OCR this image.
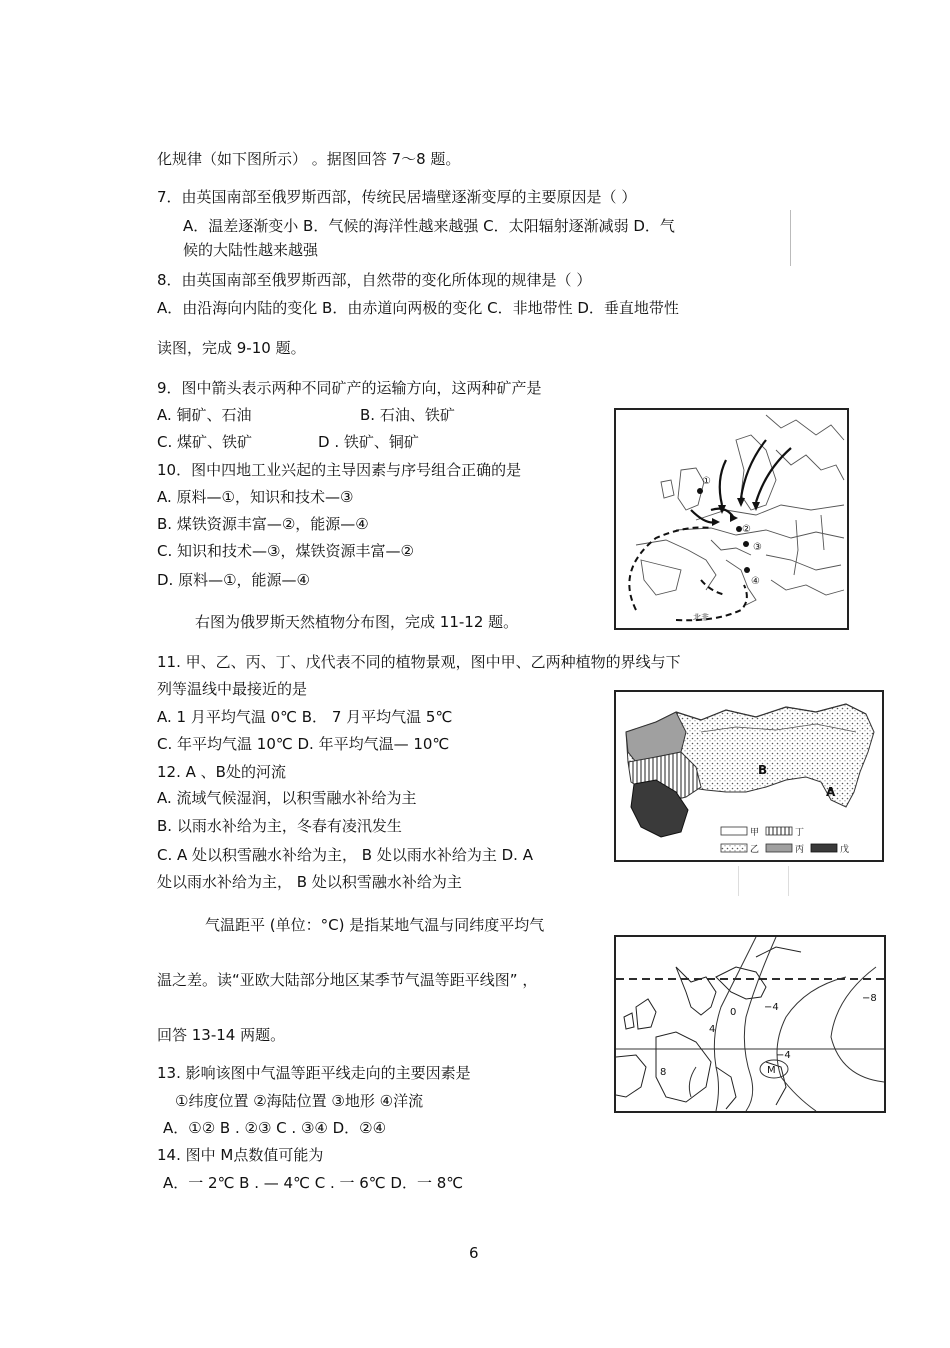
化规律（如下图所示） 。据图回答 7～8 题。
7．由英国南部至俄罗斯西部，传统民居墙壁逐渐变厚的主要原因是（ ）
A．温差逐渐变小 B．气候的海洋性越来越强 C．太阳辐射逐渐减弱 D．气
候的大陆性越来越强
8．由英国南部至俄罗斯西部，自然带的变化所体现的规律是（ ）
A．由沿海向内陆的变化 B．由赤道向两极的变化 C．非地带性 D．垂直地带性
读图，完成 9-10 题。
9．图中箭头表示两种不同矿产的运输方向，这两种矿产是
A. 铜矿、石油	B. 石油、铁矿
C. 煤矿、铁矿	D . 铁矿、铜矿
10．图中四地工业兴起的主导因素与序号组合正确的是
A. 原料—①，知识和技术—③
B. 煤铁资源丰富—②，能源—④
C. 知识和技术—③，煤铁资源丰富—②
D. 原料—①，能源—④
右图为俄罗斯天然植物分布图，完成 11-12 题。
11. 甲、乙、丙、丁、戊代表不同的植物景观，图中甲、乙两种植物的界线与下
列等温线中最接近的是
A. 1 月平均气温 0℃ B． 7 月平均气温 5℃
C. 年平均气温 10℃ D. 年平均气温— 10℃
12. A 、B处的河流
A. 流域气候湿润，以积雪融水补给为主
B. 以雨水补给为主，冬春有凌汛发生
C. A 处以积雪融水补给为主， B 处以雨水补给为主 D. A
处以雨水补给为主， B 处以积雪融水补给为主
气温距平 (单位：°C) 是指某地气温与同纬度平均气
温之差。读“亚欧大陆部分地区某季节气温等距平线图” ，
回答 13-14 两题。
13. 影响该图中气温等距平线走向的主要因素是
①纬度位置 ②海陆位置 ③地形 ④洋流
A．①② B . ②③ C . ③④ D．②④
14. 图中 M点数值可能为
A．一 2℃ B . — 4℃ C . 一 6℃ D．一 8℃
6
①
②
③
④
北非
B
A
甲	丁
乙	丙	戊
0
4
8
−4
−4
−8
M
